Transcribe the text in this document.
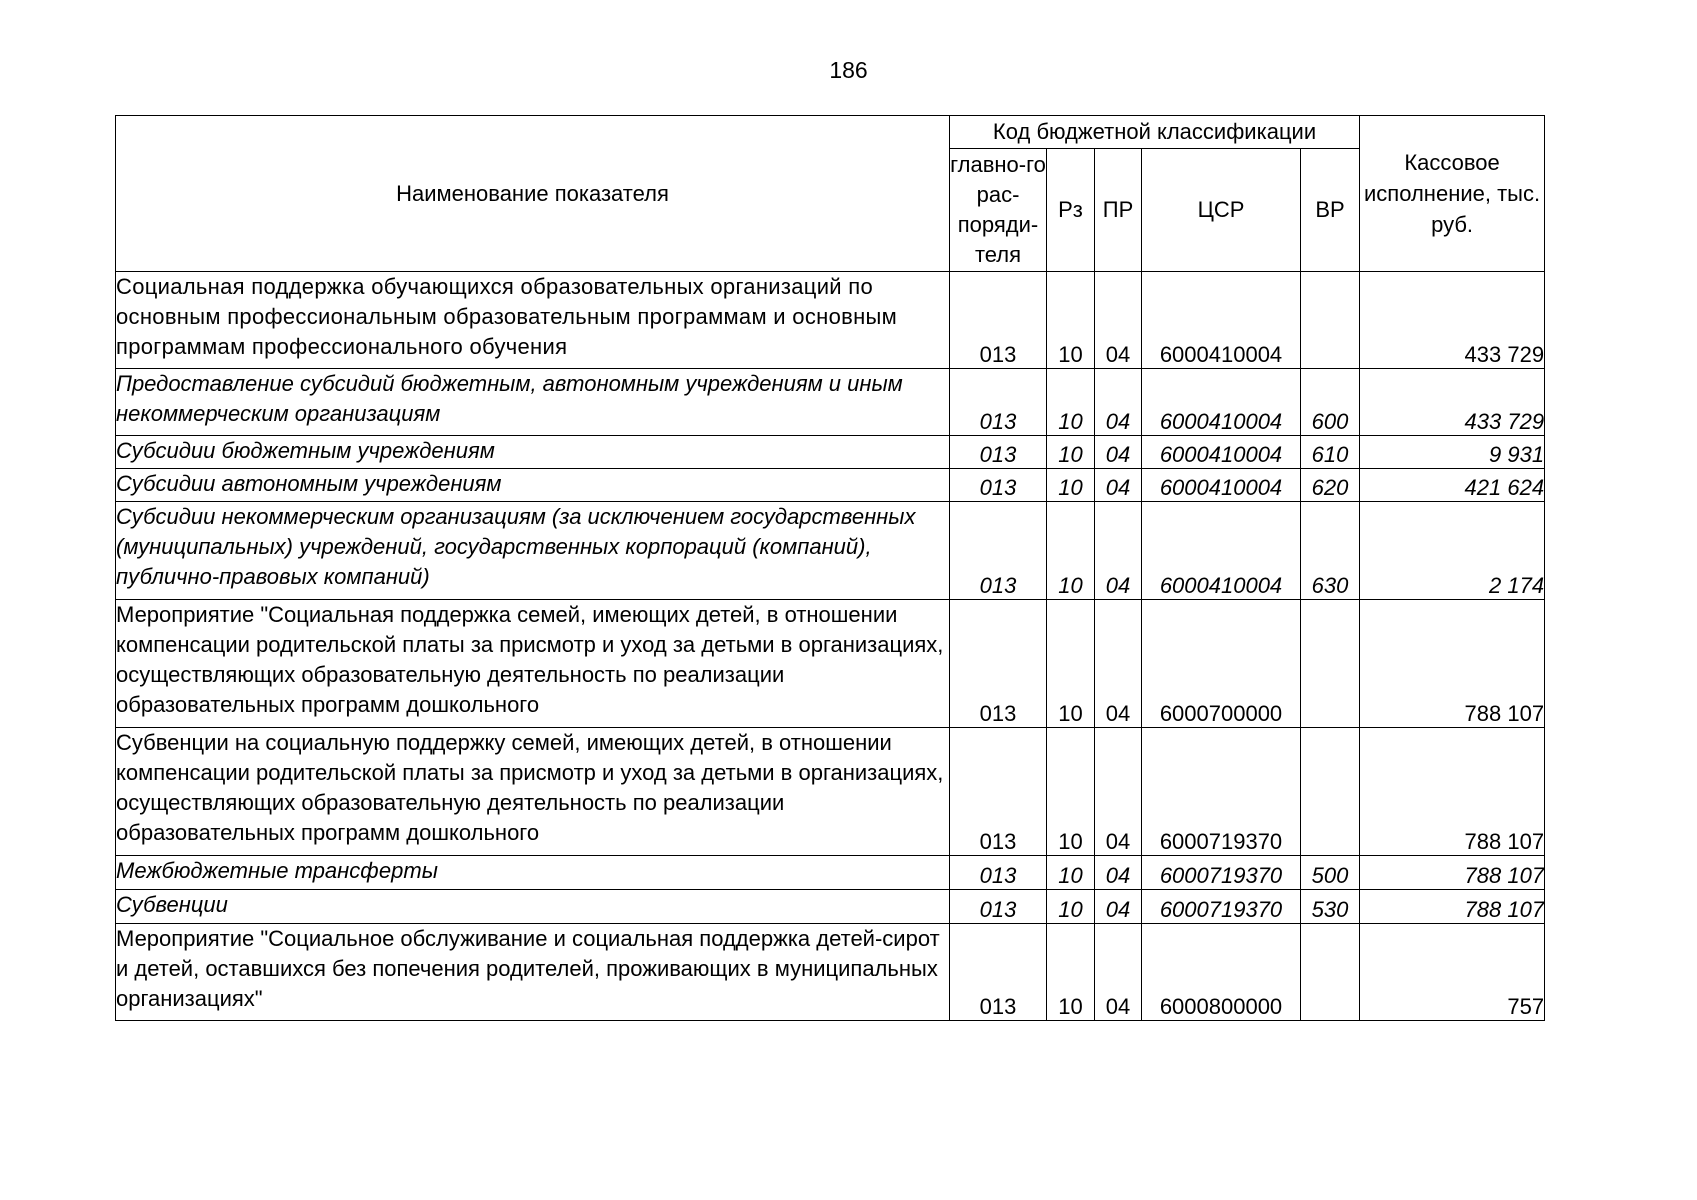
186
Наименование показателя	Код бюджетной классификации					Кассовое исполнение, тыс. руб.
	главно-го рас-поряди-теля	Рз	ПР	ЦСР	ВР	
Социальная поддержка обучающихся образовательных организаций по основным профессиональным образовательным программам и основным программам профессионального обучения	013	10	04	6000410004		433 729
Предоставление субсидий бюджетным, автономным учреждениям и иным некоммерческим организациям	013	10	04	6000410004	600	433 729
Субсидии бюджетным учреждениям	013	10	04	6000410004	610	9 931
Субсидии автономным учреждениям	013	10	04	6000410004	620	421 624
Субсидии некоммерческим организациям (за исключением государственных (муниципальных) учреждений, государственных корпораций (компаний), публично-правовых компаний)	013	10	04	6000410004	630	2 174
Мероприятие "Социальная поддержка семей, имеющих детей, в отношении компенсации родительской платы за присмотр и уход за детьми в организациях, осуществляющих образовательную деятельность по реализации образовательных программ дошкольного	013	10	04	6000700000		788 107
Субвенции на социальную поддержку семей, имеющих детей, в отношении компенсации родительской платы за присмотр и уход за детьми в организациях, осуществляющих образовательную деятельность по реализации образовательных программ дошкольного	013	10	04	6000719370		788 107
Межбюджетные трансферты	013	10	04	6000719370	500	788 107
Субвенции	013	10	04	6000719370	530	788 107
Мероприятие "Социальное обслуживание и социальная поддержка детей-сирот и детей, оставшихся без попечения родителей, проживающих в муниципальных организациях"	013	10	04	6000800000		757
